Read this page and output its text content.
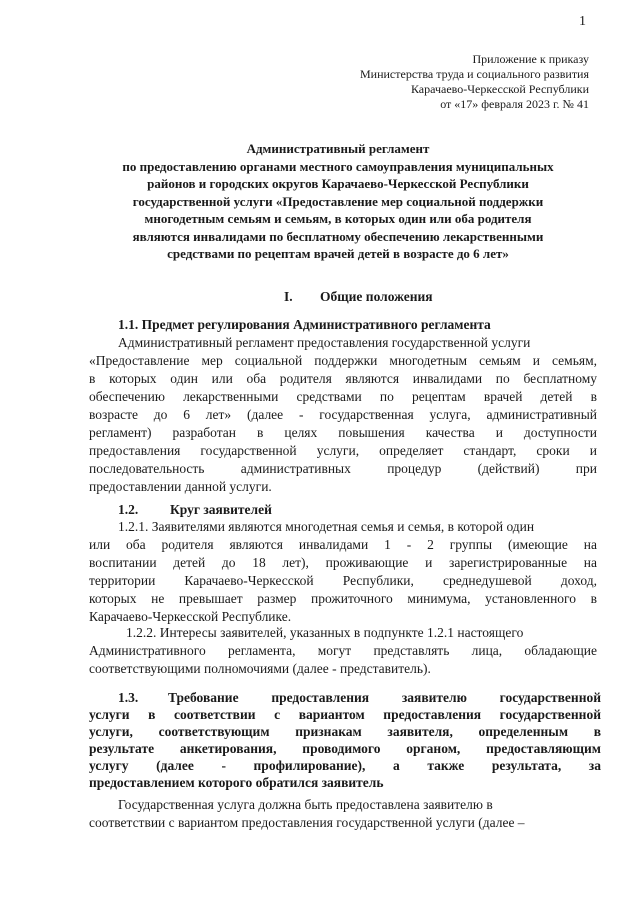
1
Приложение к приказу
Министерства труда и социального развития
Карачаево-Черкесской Республики
от «17» февраля 2023 г. № 41
Административный регламент
по предоставлению органами местного самоуправления муниципальных
районов и городских округов Карачаево-Черкесской Республики
государственной услуги «Предоставление мер социальной поддержки
многодетным семьям и семьям, в которых один или оба родителя
являются инвалидами по бесплатному обеспечению лекарственными
средствами по рецептам врачей детей в возрасте до 6 лет»
I. Общие положения
1.1. Предмет регулирования Административного регламента
Административный регламент предоставления государственной услуги
«Предоставление мер социальной поддержки многодетным семьям и семьям,
в которых один или оба родителя являются инвалидами по бесплатному
обеспечению лекарственными средствами по рецептам врачей детей в
возрасте до 6 лет» (далее - государственная услуга, административный
регламент) разработан в целях повышения качества и доступности
предоставления государственной услуги, определяет стандарт, сроки и
последовательность административных процедур (действий) при
предоставлении данной услуги.
1.2. Круг заявителей
1.2.1. Заявителями являются многодетная семья и семья, в которой один
или оба родителя являются инвалидами 1 - 2 группы (имеющие на
воспитании детей до 18 лет), проживающие и зарегистрированные на
территории Карачаево-Черкесской Республики, среднедушевой доход,
которых не превышает размер прожиточного минимума, установленного в
Карачаево-Черкесской Республике.
1.2.2. Интересы заявителей, указанных в подпункте 1.2.1 настоящего
Административного регламента, могут представлять лица, обладающие
соответствующими полномочиями (далее - представитель).
1.3. Требование предоставления заявителю государственной
услуги в соответствии с вариантом предоставления государственной
услуги, соответствующим признакам заявителя, определенным в
результате анкетирования, проводимого органом, предоставляющим
услугу (далее - профилирование), а также результата, за
предоставлением которого обратился заявитель
Государственная услуга должна быть предоставлена заявителю в
соответствии с вариантом предоставления государственной услуги (далее –
